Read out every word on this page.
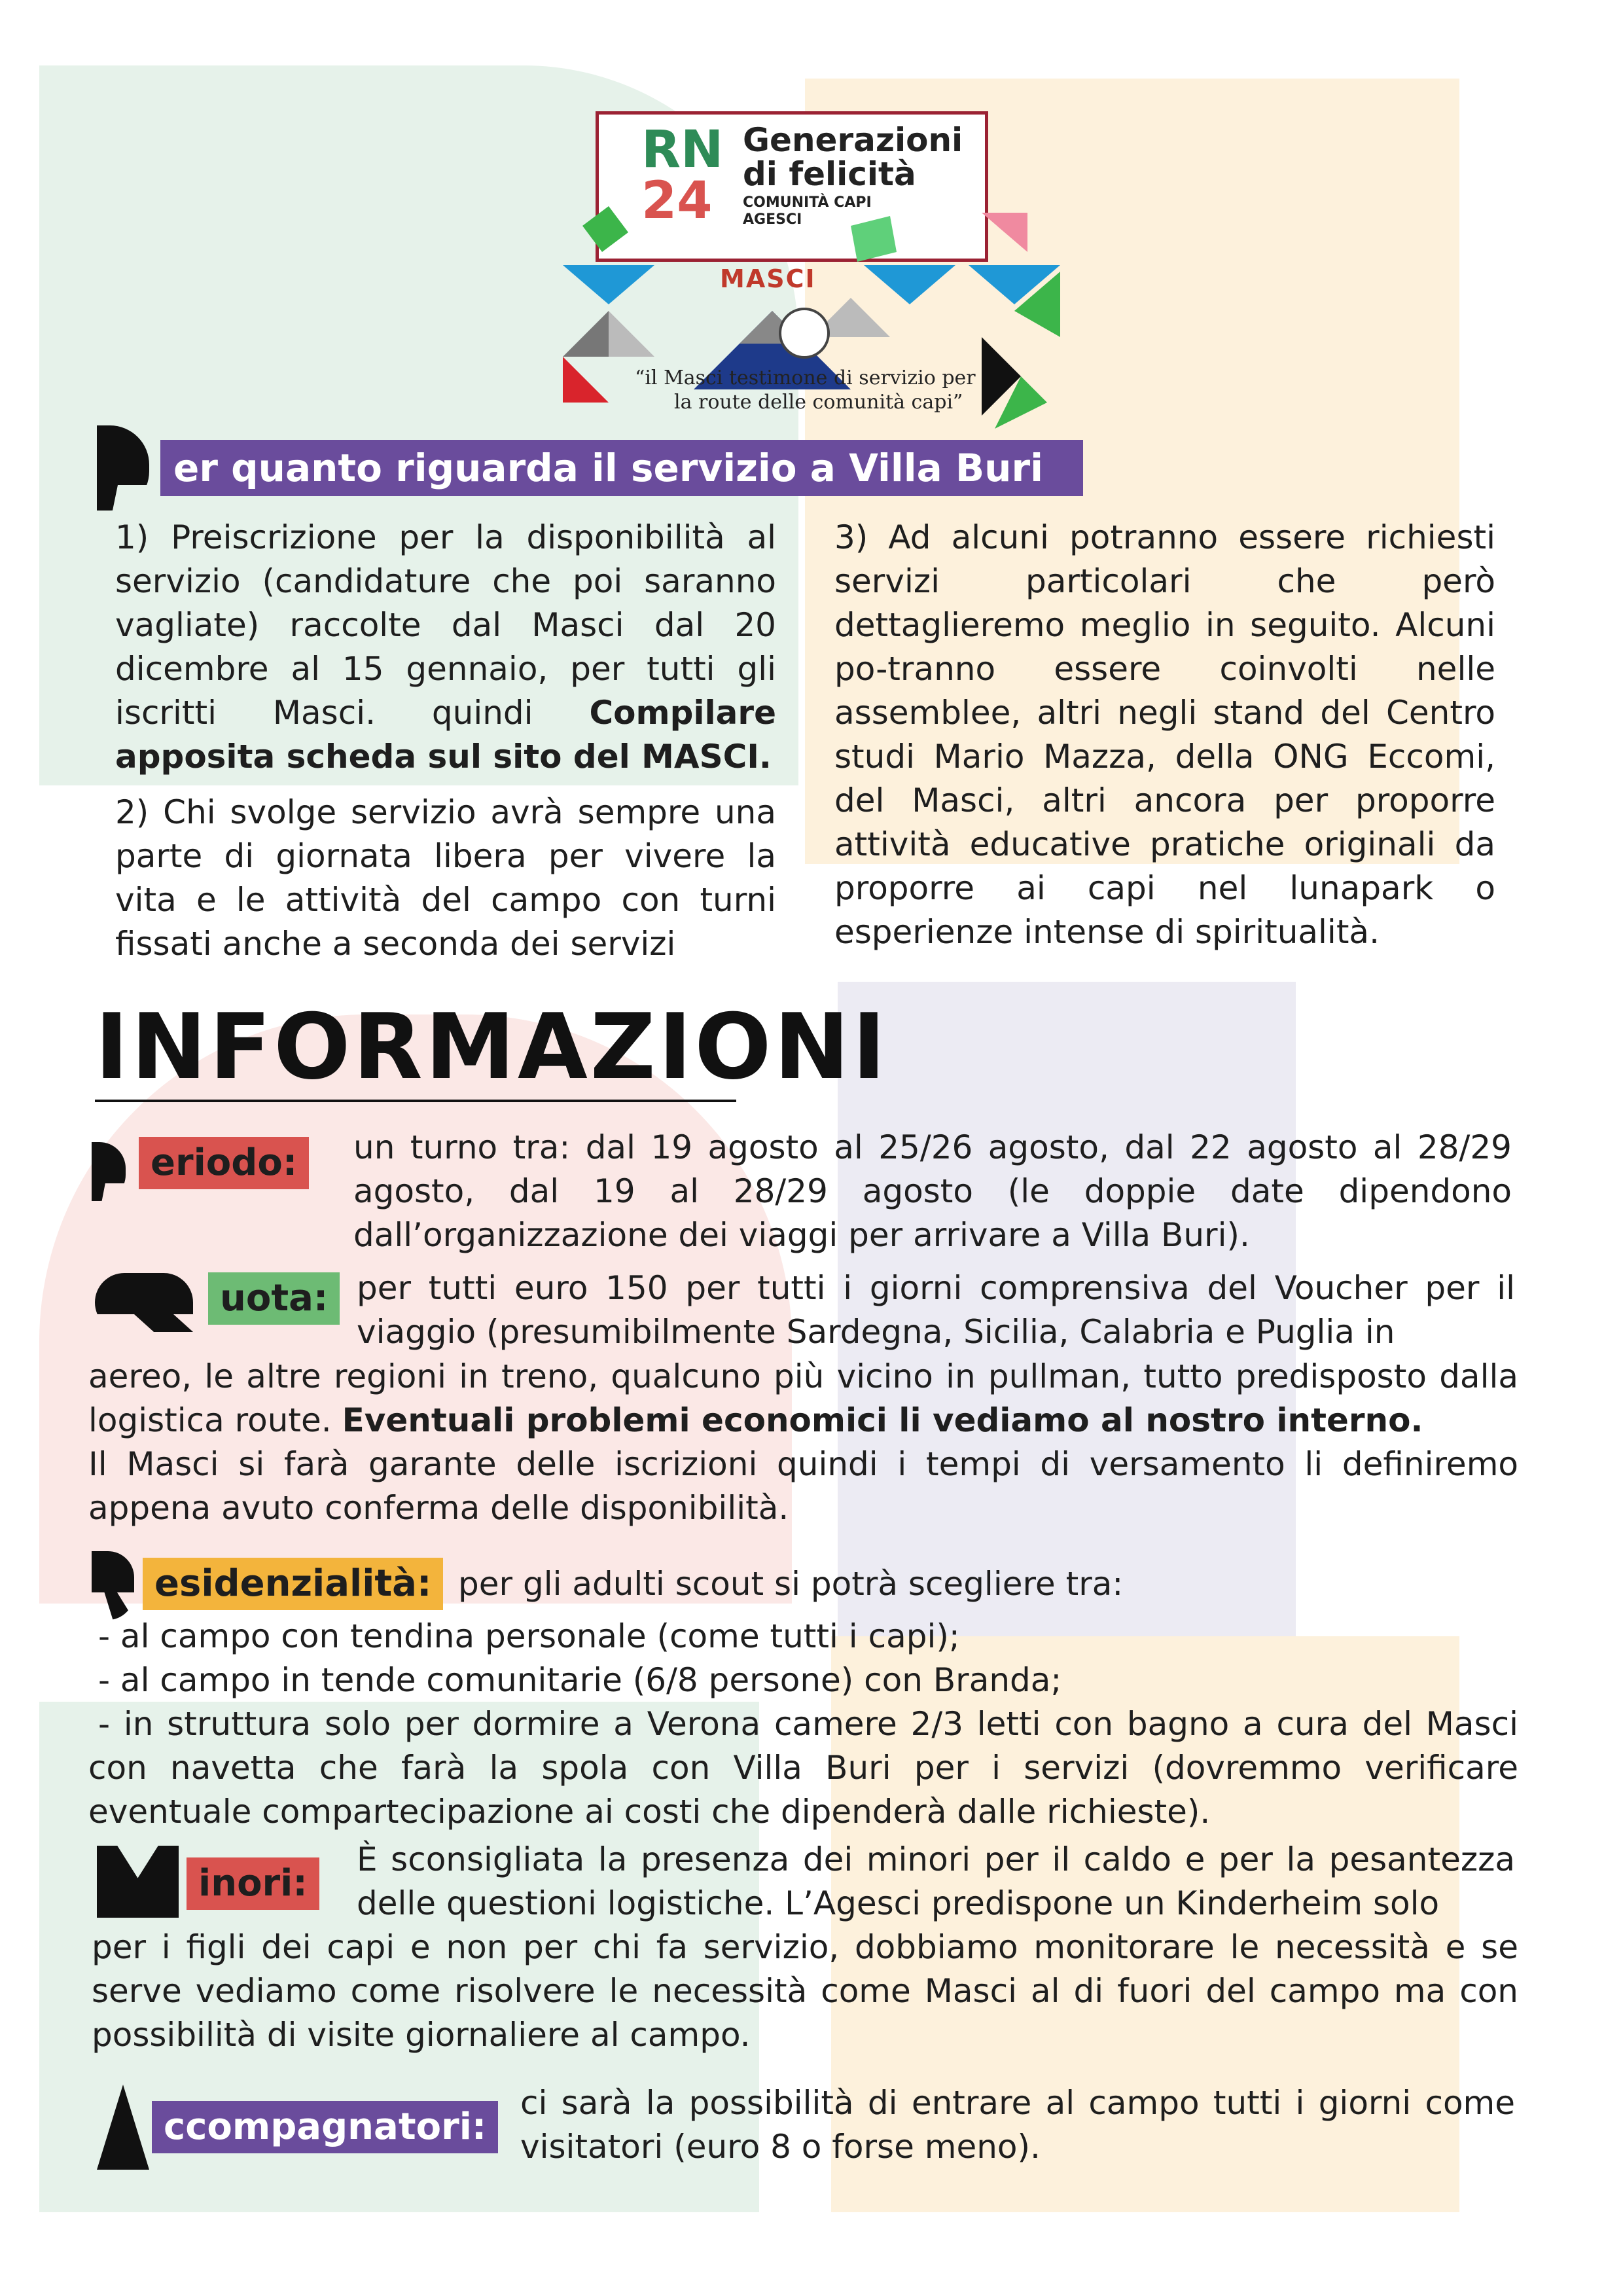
RN
24
Generazioni
di felicità
COMUNITÀ CAPI
AGESCI
MASCI
“il Masci testimone di servizio per
la route delle comunità capi”
er quanto riguarda il servizio a Villa Buri

1) Preiscrizione per la disponibilità al servizio (candidature che poi saranno vagliate) raccolte dal Masci dal 20 dicembre al 15 gennaio, per tutti gli iscritti Masci. quindi Compilare apposita scheda sul sito del MASCI.

2) Chi svolge servizio avrà sempre una parte di giornata libera per vivere la vita e le attività del campo con turni fissati anche a seconda dei servizi

3) Ad alcuni potranno essere richiesti servizi particolari che però dettaglieremo meglio in seguito. Alcuni po-tranno essere coinvolti nelle assemblee, altri negli stand del Centro studi Mario Mazza, della ONG Eccomi, del Masci, altri ancora per proporre attività educative pratiche originali da proporre ai capi nel lunapark o esperienze intense di spiritualità.

INFORMAZIONI
eriodo:	un turno tra: dal 19 agosto al 25/26 agosto, dal 22 agosto al 28/29 agosto, dal 19 al 28/29 agosto (le doppie date dipendono dall’organizzazione dei viaggi per arrivare a Villa Buri).
uota: per tutti euro 150 per tutti i giorni comprensiva del Voucher per il viaggio (presumibilmente Sardegna, Sicilia, Calabria e Puglia in
aereo, le altre regioni in treno, qualcuno più vicino in pullman, tutto predisposto dalla logistica route. Eventuali problemi economici li vediamo al nostro interno.
Il Masci si farà garante delle iscrizioni quindi i tempi di versamento li definiremo appena avuto conferma delle disponibilità.
esidenzialità: per gli adulti scout si potrà scegliere tra:
- al campo con tendina personale (come tutti i capi);
- al campo in tende comunitarie (6/8 persone) con Branda;
- in struttura solo per dormire a Verona camere 2/3 letti con bagno a cura del Masci con navetta che farà la spola con Villa Buri per i servizi (dovremmo verificare eventuale compartecipazione ai costi che dipenderà dalle richieste).
inori:
È sconsigliata la presenza dei minori per il caldo e per la pesantezza delle questioni logistiche. L’Agesci predispone un Kinderheim solo
per i figli dei capi e non per chi fa servizio, dobbiamo monitorare le necessità e se serve vediamo come risolvere le necessità come Masci al di fuori del campo ma con possibilità di visite giornaliere al campo.
ccompagnatori:
ci sarà la possibilità di entrare al campo tutti i giorni come visitatori (euro 8 o forse meno).
